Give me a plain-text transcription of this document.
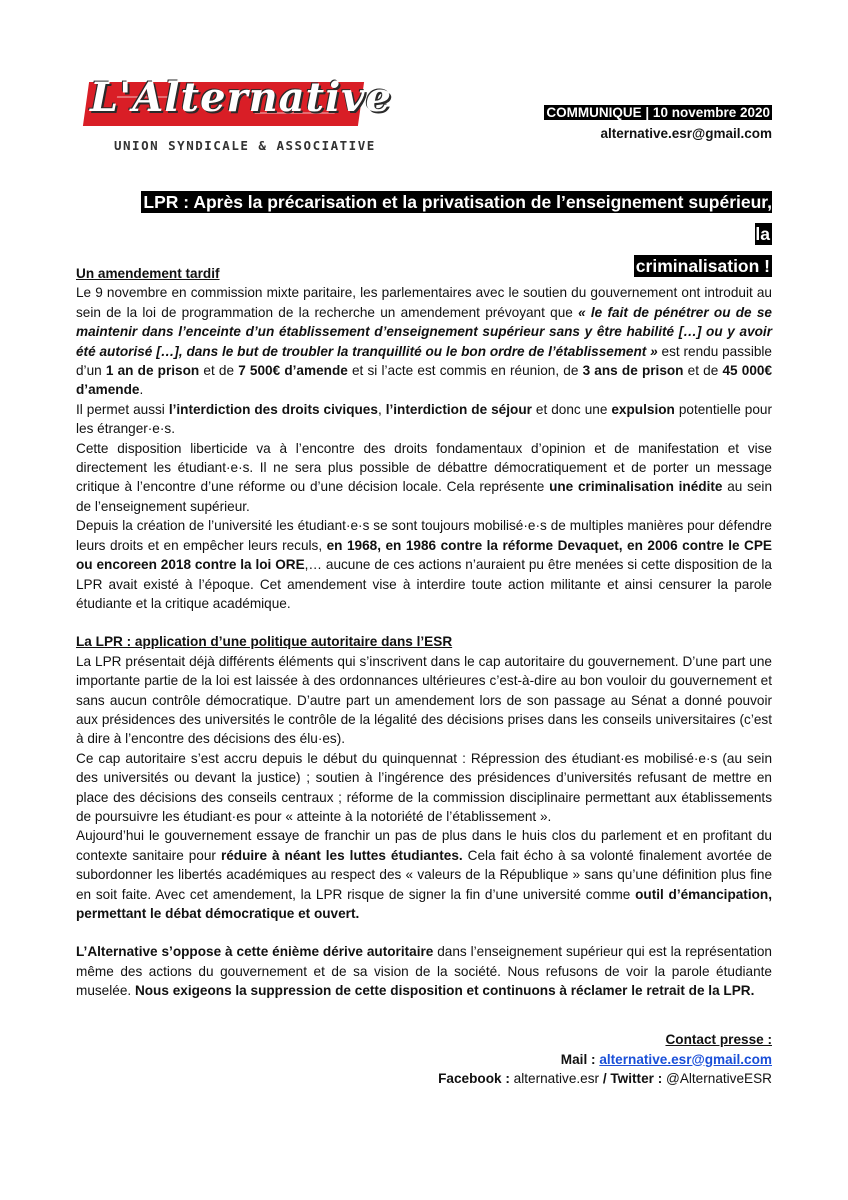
L'Alternative
UNION SYNDICALE & ASSOCIATIVE
COMMUNIQUE | 10 novembre 2020
alternative.esr@gmail.com
LPR : Après la précarisation et la privatisation de l’enseignement supérieur, la
criminalisation !

Un amendement tardif

Le 9 novembre en commission mixte paritaire, les parlementaires avec le soutien du gouvernement ont introduit au sein de la loi de programmation de la recherche un amendement prévoyant que « le fait de pénétrer ou de se maintenir dans l’enceinte d’un établissement d’enseignement supérieur sans y être habilité […] ou y avoir été autorisé […], dans le but de troubler la tranquillité ou le bon ordre de l’établissement » est rendu passible d’un 1 an de prison et de 7 500€ d’amende et si l’acte est commis en réunion, de 3 ans de prison et de 45 000€ d’amende.

Il permet aussi l’interdiction des droits civiques, l’interdiction de séjour et donc une expulsion potentielle pour les étranger·e·s.

Cette disposition liberticide va à l’encontre des droits fondamentaux d’opinion et de manifestation et vise directement les étudiant·e·s. Il ne sera plus possible de débattre démocratiquement et de porter un message critique à l’encontre d’une réforme ou d’une décision locale. Cela représente une criminalisation inédite au sein de l’enseignement supérieur.

Depuis la création de l’université les étudiant·e·s se sont toujours mobilisé·e·s de multiples manières pour défendre leurs droits et en empêcher leurs reculs, en 1968, en 1986 contre la réforme Devaquet, en 2006 contre le CPE ou encoreen 2018 contre la loi ORE,… aucune de ces actions n’auraient pu être menées si cette disposition de la LPR avait existé à l’époque. Cet amendement vise à interdire toute action militante et ainsi censurer la parole étudiante et la critique académique.

La LPR : application d’une politique autoritaire dans l’ESR

La LPR présentait déjà différents éléments qui s’inscrivent dans le cap autoritaire du gouvernement. D’une part une importante partie de la loi est laissée à des ordonnances ultérieures c’est-à-dire au bon vouloir du gouvernement et sans aucun contrôle démocratique. D’autre part un amendement lors de son passage au Sénat a donné pouvoir aux présidences des universités le contrôle de la légalité des décisions prises dans les conseils universitaires (c’est à dire à l’encontre des décisions des élu·es).

Ce cap autoritaire s’est accru depuis le début du quinquennat : Répression des étudiant·es mobilisé·e·s (au sein des universités ou devant la justice) ; soutien à l’ingérence des présidences d’universités refusant de mettre en place des décisions des conseils centraux ; réforme de la commission disciplinaire permettant aux établissements de poursuivre les étudiant·es pour « atteinte à la notoriété de l’établissement ».

Aujourd’hui le gouvernement essaye de franchir un pas de plus dans le huis clos du parlement et en profitant du contexte sanitaire pour réduire à néant les luttes étudiantes. Cela fait écho à sa volonté finalement avortée de subordonner les libertés académiques au respect des « valeurs de la République » sans qu’une définition plus fine en soit faite. Avec cet amendement, la LPR risque de signer la fin d’une université comme outil d’émancipation, permettant le débat démocratique et ouvert.

L’Alternative s’oppose à cette énième dérive autoritaire dans l’enseignement supérieur qui est la représentation même des actions du gouvernement et de sa vision de la société. Nous refusons de voir la parole étudiante muselée. Nous exigeons la suppression de cette disposition et continuons à réclamer le retrait de la LPR.

Contact presse :
Mail : alternative.esr@gmail.com
Facebook : alternative.esr / Twitter : @AlternativeESR
